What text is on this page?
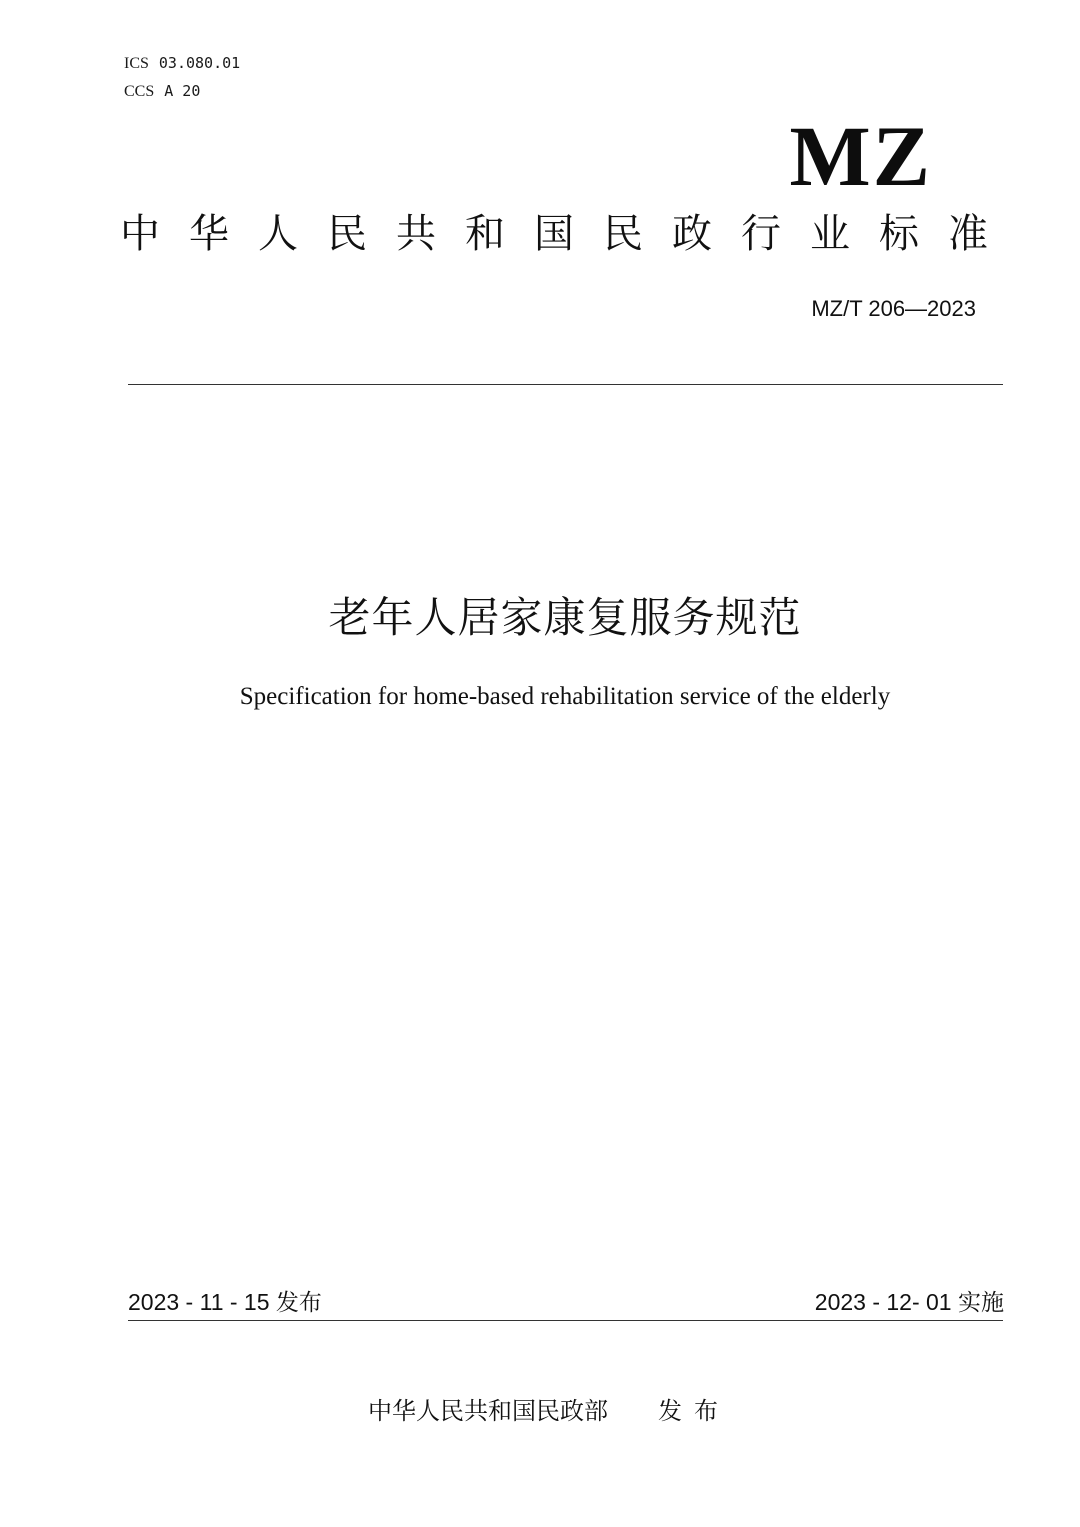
ICS 03.080.01
CCS A 20
MZ
中华人民共和国民政行业标准
MZ/T 206—2023
老年人居家康复服务规范
Specification for home-based rehabilitation service of the elderly
2023 - 11 - 15 发布	2023 - 12- 01 实施
中华人民共和国民政部 发布
